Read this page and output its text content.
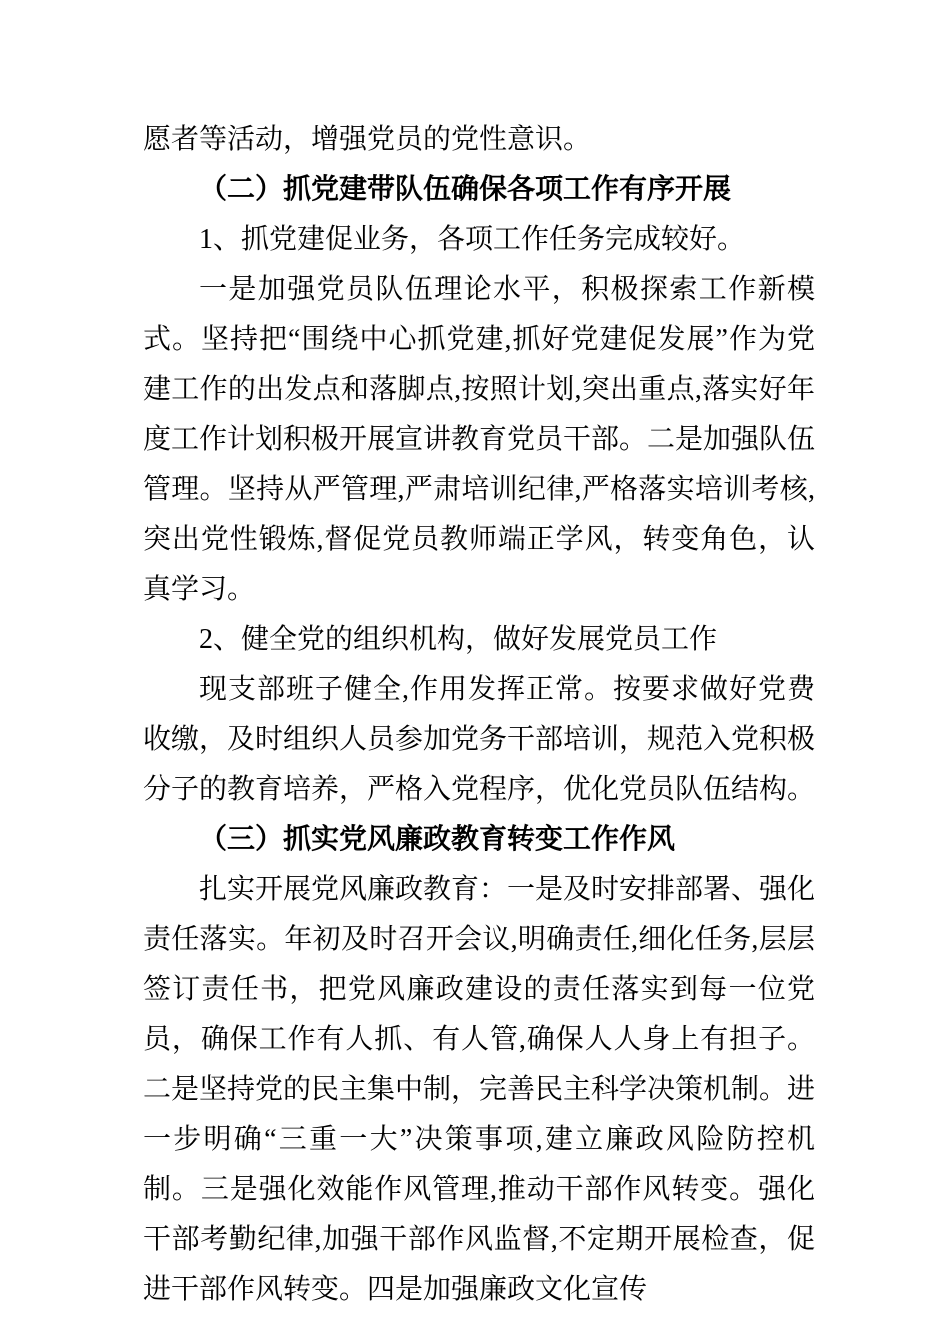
愿者等活动，增强党员的党性意识。

（二）抓党建带队伍确保各项工作有序开展

1、抓党建促业务，各项工作任务完成较好。

一是加强党员队伍理论水平，积极探索工作新模式。坚持把“围绕中心抓党建,抓好党建促发展”作为党建工作的出发点和落脚点,按照计划,突出重点,落实好年度工作计划积极开展宣讲教育党员干部。二是加强队伍管理。坚持从严管理,严肃培训纪律,严格落实培训考核,突出党性锻炼,督促党员教师端正学风，转变角色，认真学习。

2、健全党的组织机构，做好发展党员工作

现支部班子健全,作用发挥正常。按要求做好党费收缴，及时组织人员参加党务干部培训，规范入党积极分子的教育培养，严格入党程序，优化党员队伍结构。

（三）抓实党风廉政教育转变工作作风

扎实开展党风廉政教育：一是及时安排部署、强化责任落实。年初及时召开会议,明确责任,细化任务,层层签订责任书，把党风廉政建设的责任落实到每一位党员，确保工作有人抓、有人管,确保人人身上有担子。二是坚持党的民主集中制，完善民主科学决策机制。进一步明确“三重一大”决策事项,建立廉政风险防控机制。三是强化效能作风管理,推动干部作风转变。强化干部考勤纪律,加强干部作风监督,不定期开展检查，促进干部作风转变。四是加强廉政文化宣传
